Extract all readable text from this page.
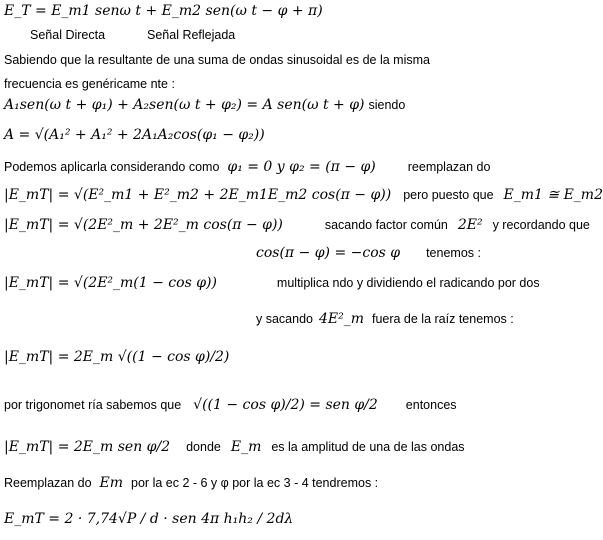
E_T = E_m1 senω t + E_m2 sen(ω t − φ + π)
Señal Directa	Señal Reflejada
Sabiendo que la resultante de una suma de ondas sinusoidal es de la misma
frecuencia es genéricame nte :
A₁sen(ω t + φ₁) + A₂sen(ω t + φ₂) = A sen(ω t + φ) siendo
A = √(A₁² + A₁² + 2A₁A₂cos(φ₁ − φ₂))
Podemos aplicarla considerando como φ₁ = 0 y φ₂ = (π − φ)	reemplazan do
|E_mT| = √(E²_m1 + E²_m2 + 2E_m1E_m2 cos(π − φ)) pero puesto que E_m1 ≅ E_m2
|E_mT| = √(2E²_m + 2E²_m cos(π − φ))	sacando factor común 2E² y recordando que
cos(π − φ) = −cos φ tenemos :
|E_mT| = √(2E²_m(1 − cos φ))	multiplica ndo y dividiendo el radicando por dos
y sacando 4E²_m fuera de la raíz tenemos :
|E_mT| = 2E_m √((1 − cos φ)/2)
por trigonomet ría sabemos que √((1 − cos φ)/2) = sen φ/2 entonces
|E_mT| = 2E_m sen φ/2 donde E_m es la amplitud de una de las ondas
Reemplazan do Em por la ec 2 - 6 y φ por la ec 3 - 4 tendremos :
E_mT = 2 · 7,74√P / d · sen 4π h₁h₂ / 2dλ
